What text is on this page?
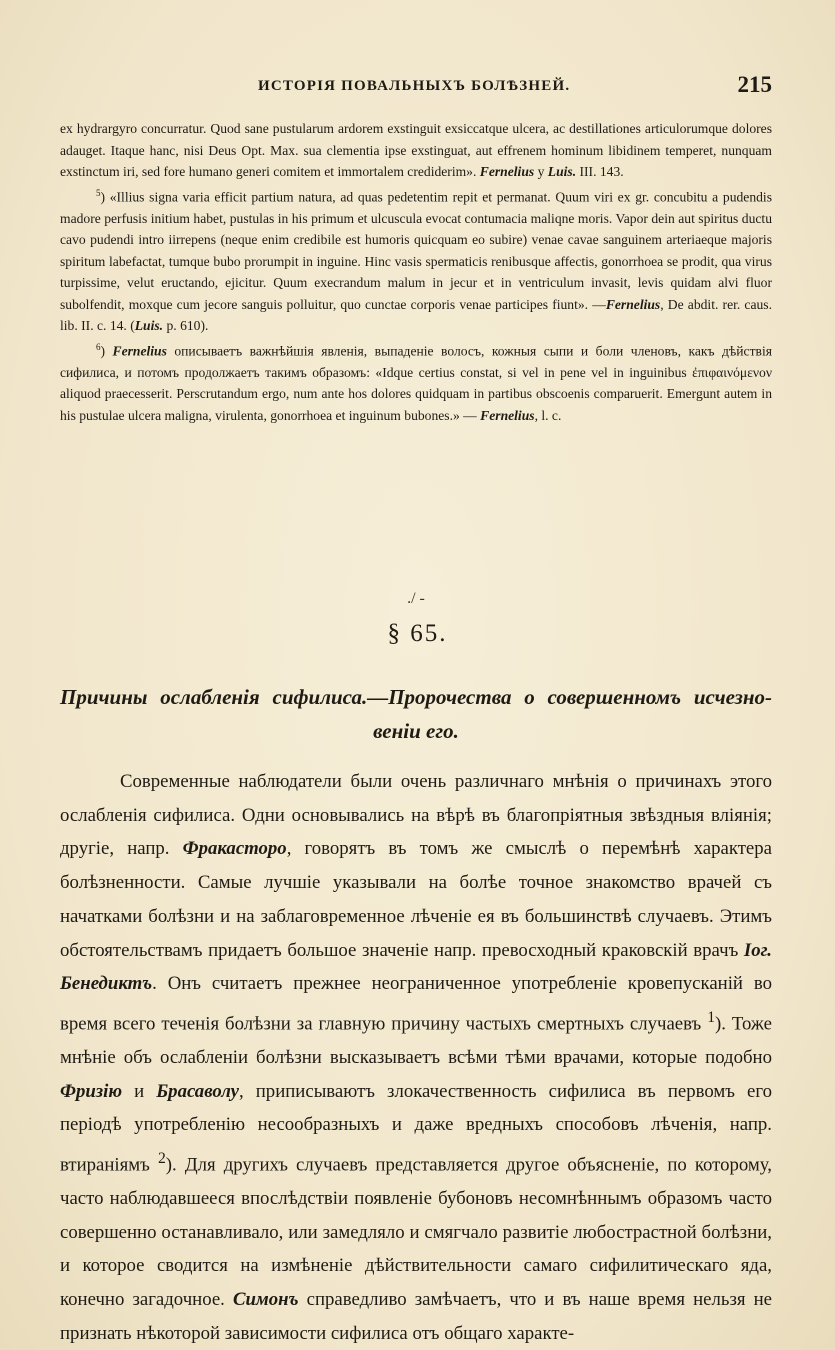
ИСТОРІЯ ПОВАЛЬНЫХЪ БОЛѢЗНЕЙ.	215

ex hydrargyro concurratur. Quod sane pustularum ardorem exstinguit exsiccatque ulcera, ac destillationes articulorumque dolores adauget. Itaque hanc, nisi Deus Opt. Max. sua clementia ipse exstinguat, aut effrenem hominum libidinem temperet, nunquam exstinctum iri, sed fore humano generi comitem et immortalem crediderim». Fernelius y Luis. III. 143.

$^5$) «Illius signa varia efficit partium natura, ad quas pedetentim repit et permanat. Quum viri ex gr. concubitu a pudendis madore perfusis initium habet, pustulas in his primum et ulcuscula evocat contumacia maliqne moris. Vapor dein aut spiritus ductu cavo pudendi intro iirrepens (neque enim credibile est humoris quicquam eo subire) venae cavae sanguinem arteriaeque majoris spiritum labefactat, tumque bubo prorumpit in inguine. Hinc vasis spermaticis renibusque affectis, gonorrhoea se prodit, qua virus turpissime, velut eructando, ejicitur. Quum execrandum malum in jecur et in ventriculum invasit, levis quidam alvi fluor subolfendit, moxque cum jecore sanguis polluitur, quo cunctae corporis venae participes fiunt». —Fernelius, De abdit. rer. caus. lib. II. c. 14. (Luis. p. 610).

$^6$) Fernelius описываетъ важнѣйшія явленія, выпаденіе волосъ, кожныя сыпи и боли членовъ, какъ дѣйствія сифилиса, и потомъ продолжаетъ такимъ образомъ: «Idque certius constat, si vel in pene vel in inguinibus ἐπιφαινόμενον aliquod praecesserit. Perscrutandum ergo, num ante hos dolores quidquam in partibus obscoenis comparuerit. Emergunt autem in his pustulae ulcera maligna, virulenta, gonorrhoea et inguinum bubones.» — Fernelius, l. c.

./ -
§ 65.
Причины ослабленія сифилиса.—Пророчества о совершенномъ исчезно-
веніи его.

Современные наблюдатели были очень различнаго мнѣнія о причинахъ этого ослабленія сифилиса. Одни основывались на вѣрѣ въ благопріятныя звѣздныя вліянія; другіе, напр. Фракасторо, говорятъ въ томъ же смыслѣ о перемѣнѣ характера болѣзненности. Самые лучшіе указывали на болѣе точное знакомство врачей съ начатками болѣзни и на заблаговременное лѣченіе ея въ большинствѣ случаевъ. Этимъ обстоятельствамъ придаетъ большое значеніе напр. превосходный краковскій врачъ Іог. Бенедиктъ. Онъ считаетъ прежнее неограниченное употребленіе кровепусканій во время всего теченія болѣзни за главную причину частыхъ смертныхъ случаевъ $^1$). Тоже мнѣніе объ ослабленіи болѣзни высказываетъ всѣми тѣми врачами, которые подобно Фризію и Брасаволу, приписываютъ злокачественность сифилиса въ первомъ его періодѣ употребленію несообразныхъ и даже вредныхъ способовъ лѣченія, напр. втираніямъ $^2$). Для другихъ случаевъ представляется другое объясненіе, по которому, часто наблюдавшееся впослѣдствіи появленіе бубоновъ несомнѣннымъ образомъ часто совершенно останавливало, или замедляло и смягчало развитіе любострастной болѣзни, и которое сводится на измѣненіе дѣйствительности самаго сифилитическаго яда, конечно загадочное. Симонъ справедливо замѣчаетъ, что и въ наше время нельзя не признать нѣкоторой зависимости сифилиса отъ общаго характе-
